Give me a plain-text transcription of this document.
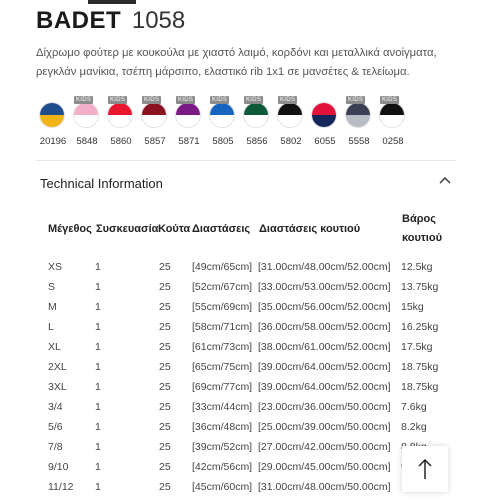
BADET 1058
Δίχρωμο φούτερ με κουκούλα με χιαστό λαιμό, κορδόνι και μεταλλικά ανοίγματα, ρεγκλάν μανίκια, τσέπη μάρσιπο, ελαστικό rib 1x1 σε μανσέτες & τελείωμα.
20196
KIDS
5848
KIDS
5860
KIDS
5857
KIDS
5871
KIDS
5805
KIDS
5856
KIDS
5802	6055
KIDS
5558
KIDS
0258
Technical Information
Μέγεθος Συσκευασία Κούτα Διαστάσεις Διαστάσεις κουτιού
Βάρος κουτιού
XS	1	25 [49cm/65cm] [31.00cm/48.00cm/52.00cm] 12.5kg
S	1	25 [52cm/67cm] [33.00cm/53.00cm/52.00cm] 13.75kg
M	1	25 [55cm/69cm] [35.00cm/56.00cm/52.00cm] 15kg
L	1	25 [58cm/71cm] [36.00cm/58.00cm/52.00cm] 16.25kg
XL	1	25 [61cm/73cm] [38.00cm/61.00cm/52.00cm] 17.5kg
2XL	1	25 [65cm/75cm] [39.00cm/64.00cm/52.00cm] 18.75kg
3XL	1	25 [69cm/77cm] [39.00cm/64.00cm/52.00cm] 18.75kg
3/4	1	25 [33cm/44cm] [23.00cm/36.00cm/50.00cm] 7.6kg
5/6	1	25 [36cm/48cm] [25.00cm/39.00cm/50.00cm] 8.2kg
7/8	1	25 [39cm/52cm] [27.00cm/42.00cm/50.00cm]
9/10	1	25 [42cm/56cm] [29.00cm/45.00cm/50.00cm]
11/12 1	25 [45cm/60cm] [31.00cm/48.00cm/50.00cm]
